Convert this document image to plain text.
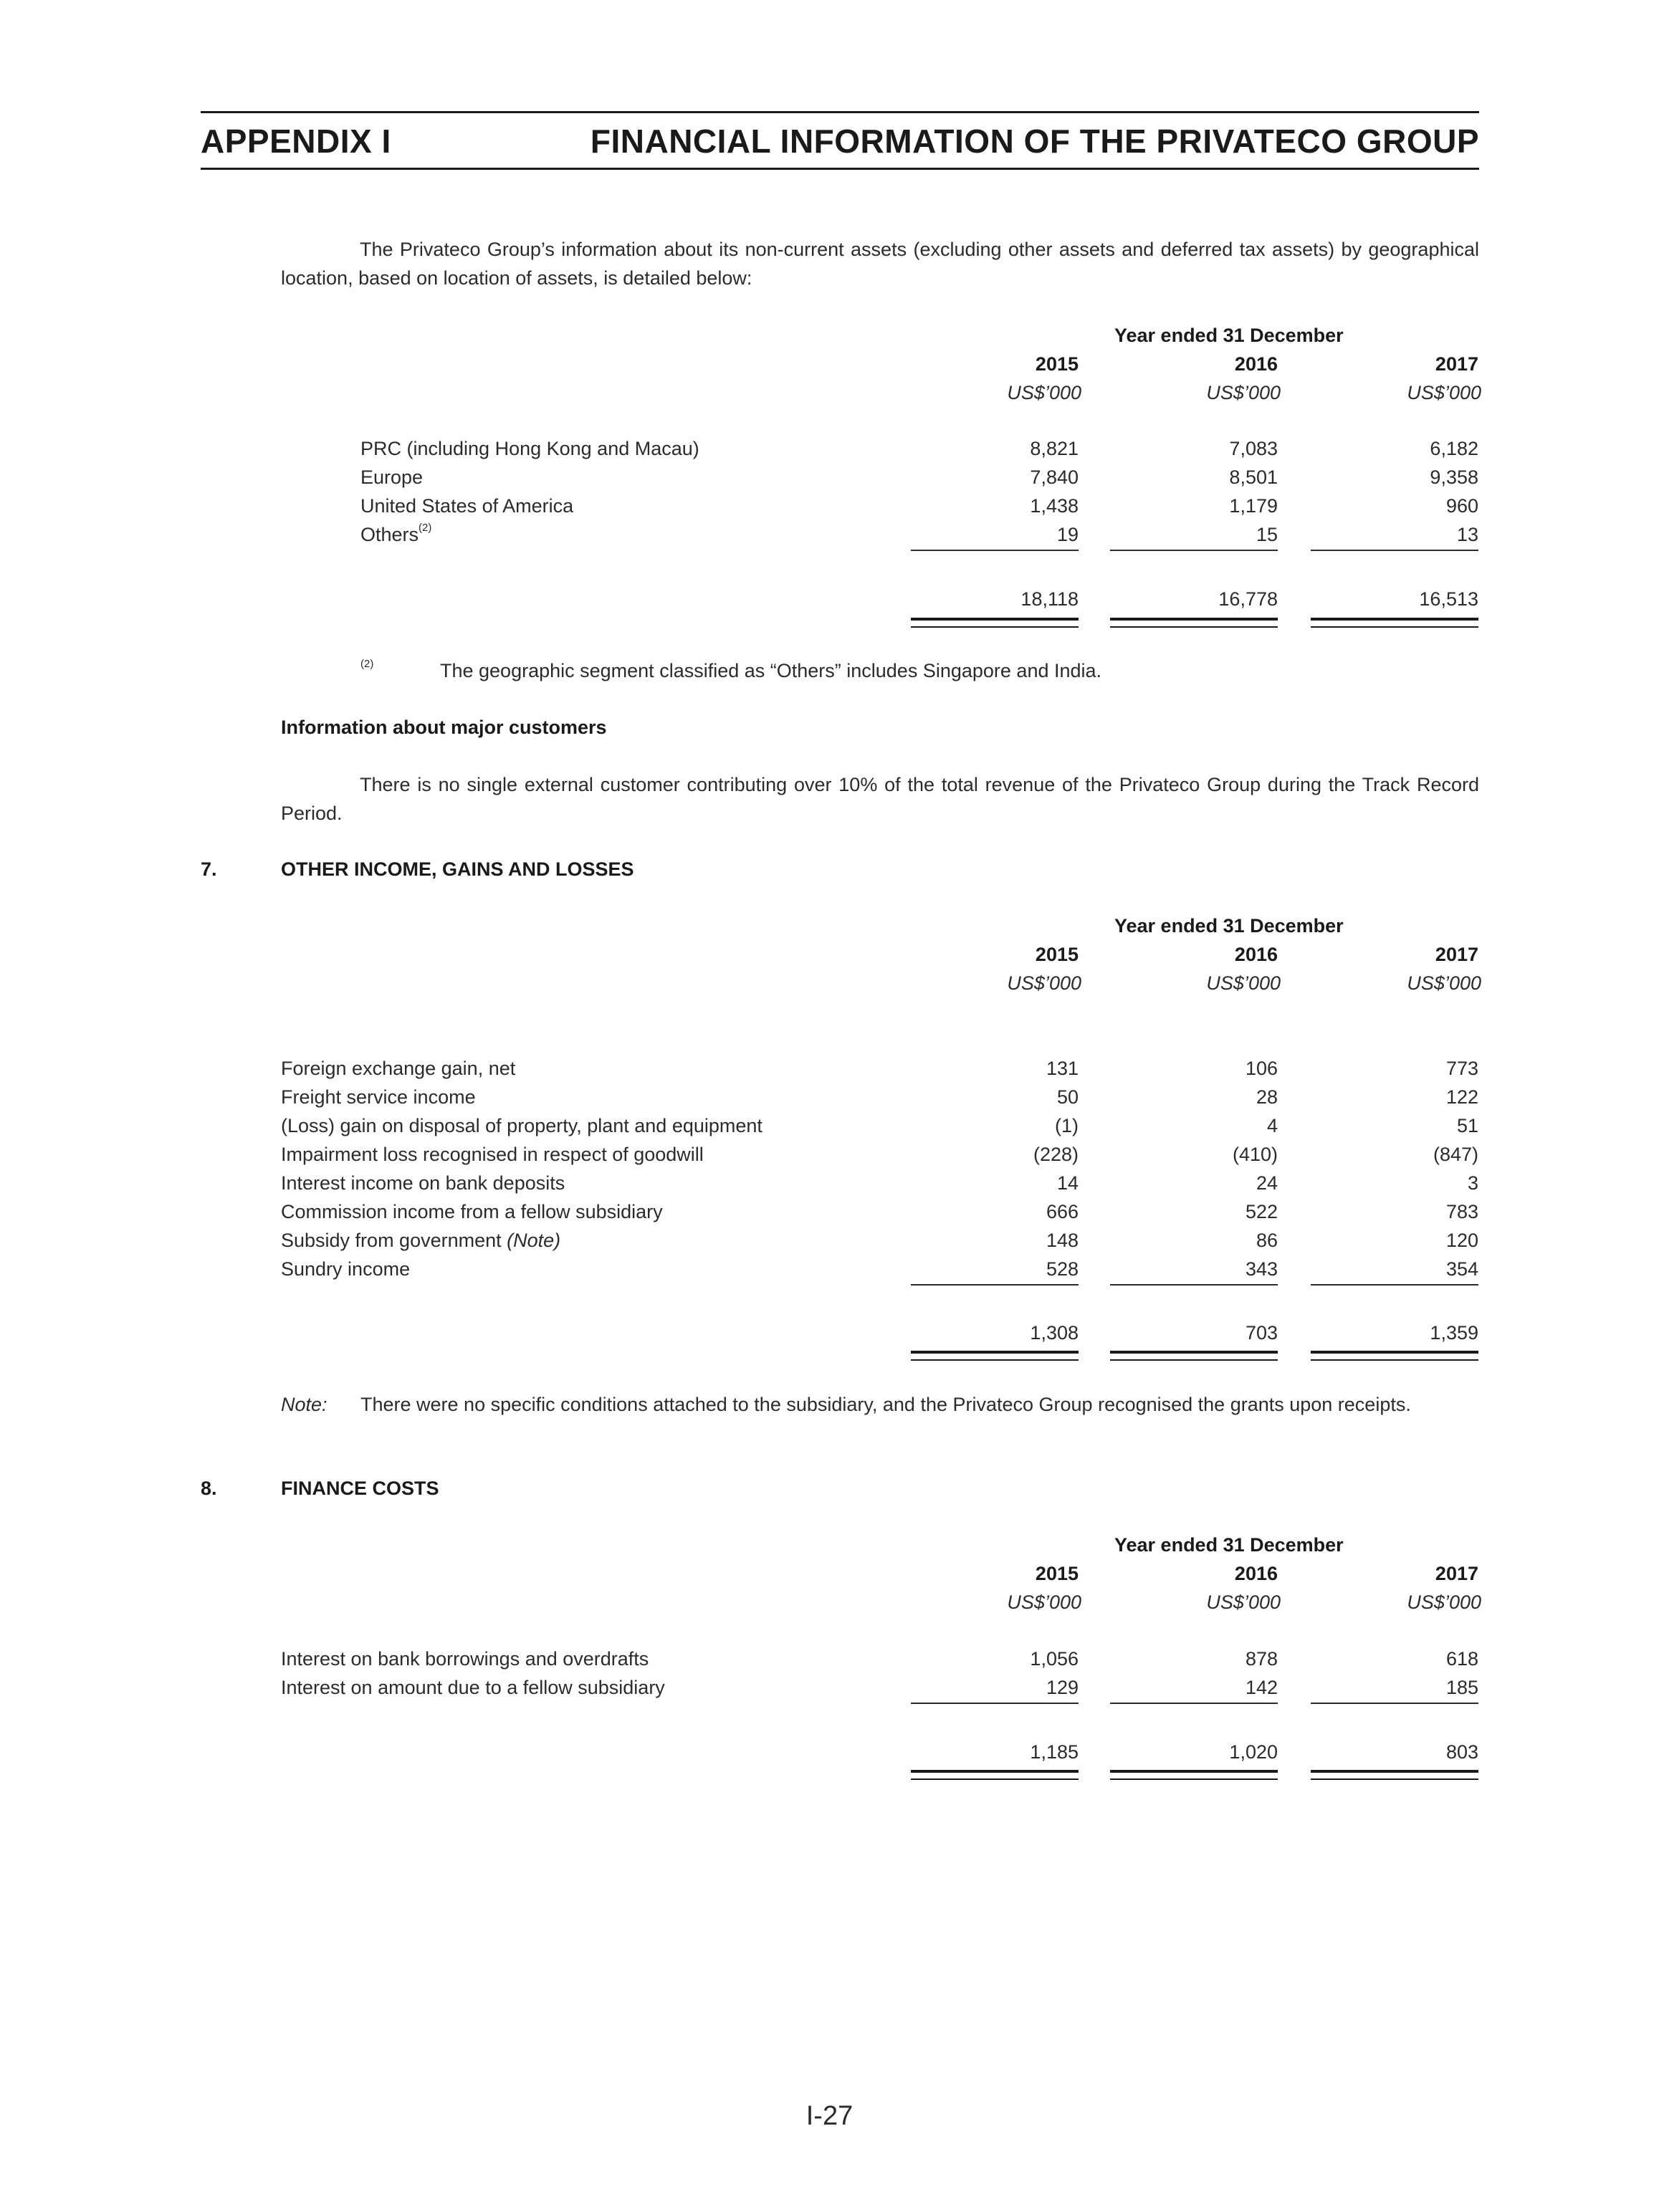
APPENDIX I	FINANCIAL INFORMATION OF THE PRIVATECO GROUP
The Privateco Group’s information about its non-current assets (excluding other assets and deferred tax assets) by geographical location, based on location of assets, is detailed below:
Year ended 31 December
2015	2016	2017
US$’000	US$’000	US$’000
PRC (including Hong Kong and Macau)	8,821	7,083	6,182
Europe	7,840	8,501	9,358
United States of America	1,438	1,179	960
Others$^{(2)}$	19	15	13
18,118	16,778	16,513
(2)	The geographic segment classified as “Others” includes Singapore and India.
Information about major customers
There is no single external customer contributing over 10% of the total revenue of the Privateco Group during the Track Record Period.
7.	OTHER INCOME, GAINS AND LOSSES
Year ended 31 December
2015	2016	2017
US$’000	US$’000	US$’000
Foreign exchange gain, net	131	106	773
Freight service income	50	28	122
(Loss) gain on disposal of property, plant and equipment	(1)	4	51
Impairment loss recognised in respect of goodwill	(228)	(410)	(847)
Interest income on bank deposits	14	24	3
Commission income from a fellow subsidiary	666	522	783
Subsidy from government (Note)	148	86	120
Sundry income	528	343	354
1,308	703	1,359
Note: There were no specific conditions attached to the subsidiary, and the Privateco Group recognised the grants upon receipts.
8.	FINANCE COSTS
Year ended 31 December
2015	2016	2017
US$’000	US$’000	US$’000
Interest on bank borrowings and overdrafts	1,056	878	618
Interest on amount due to a fellow subsidiary	129	142	185
1,185	1,020	803
I-27
